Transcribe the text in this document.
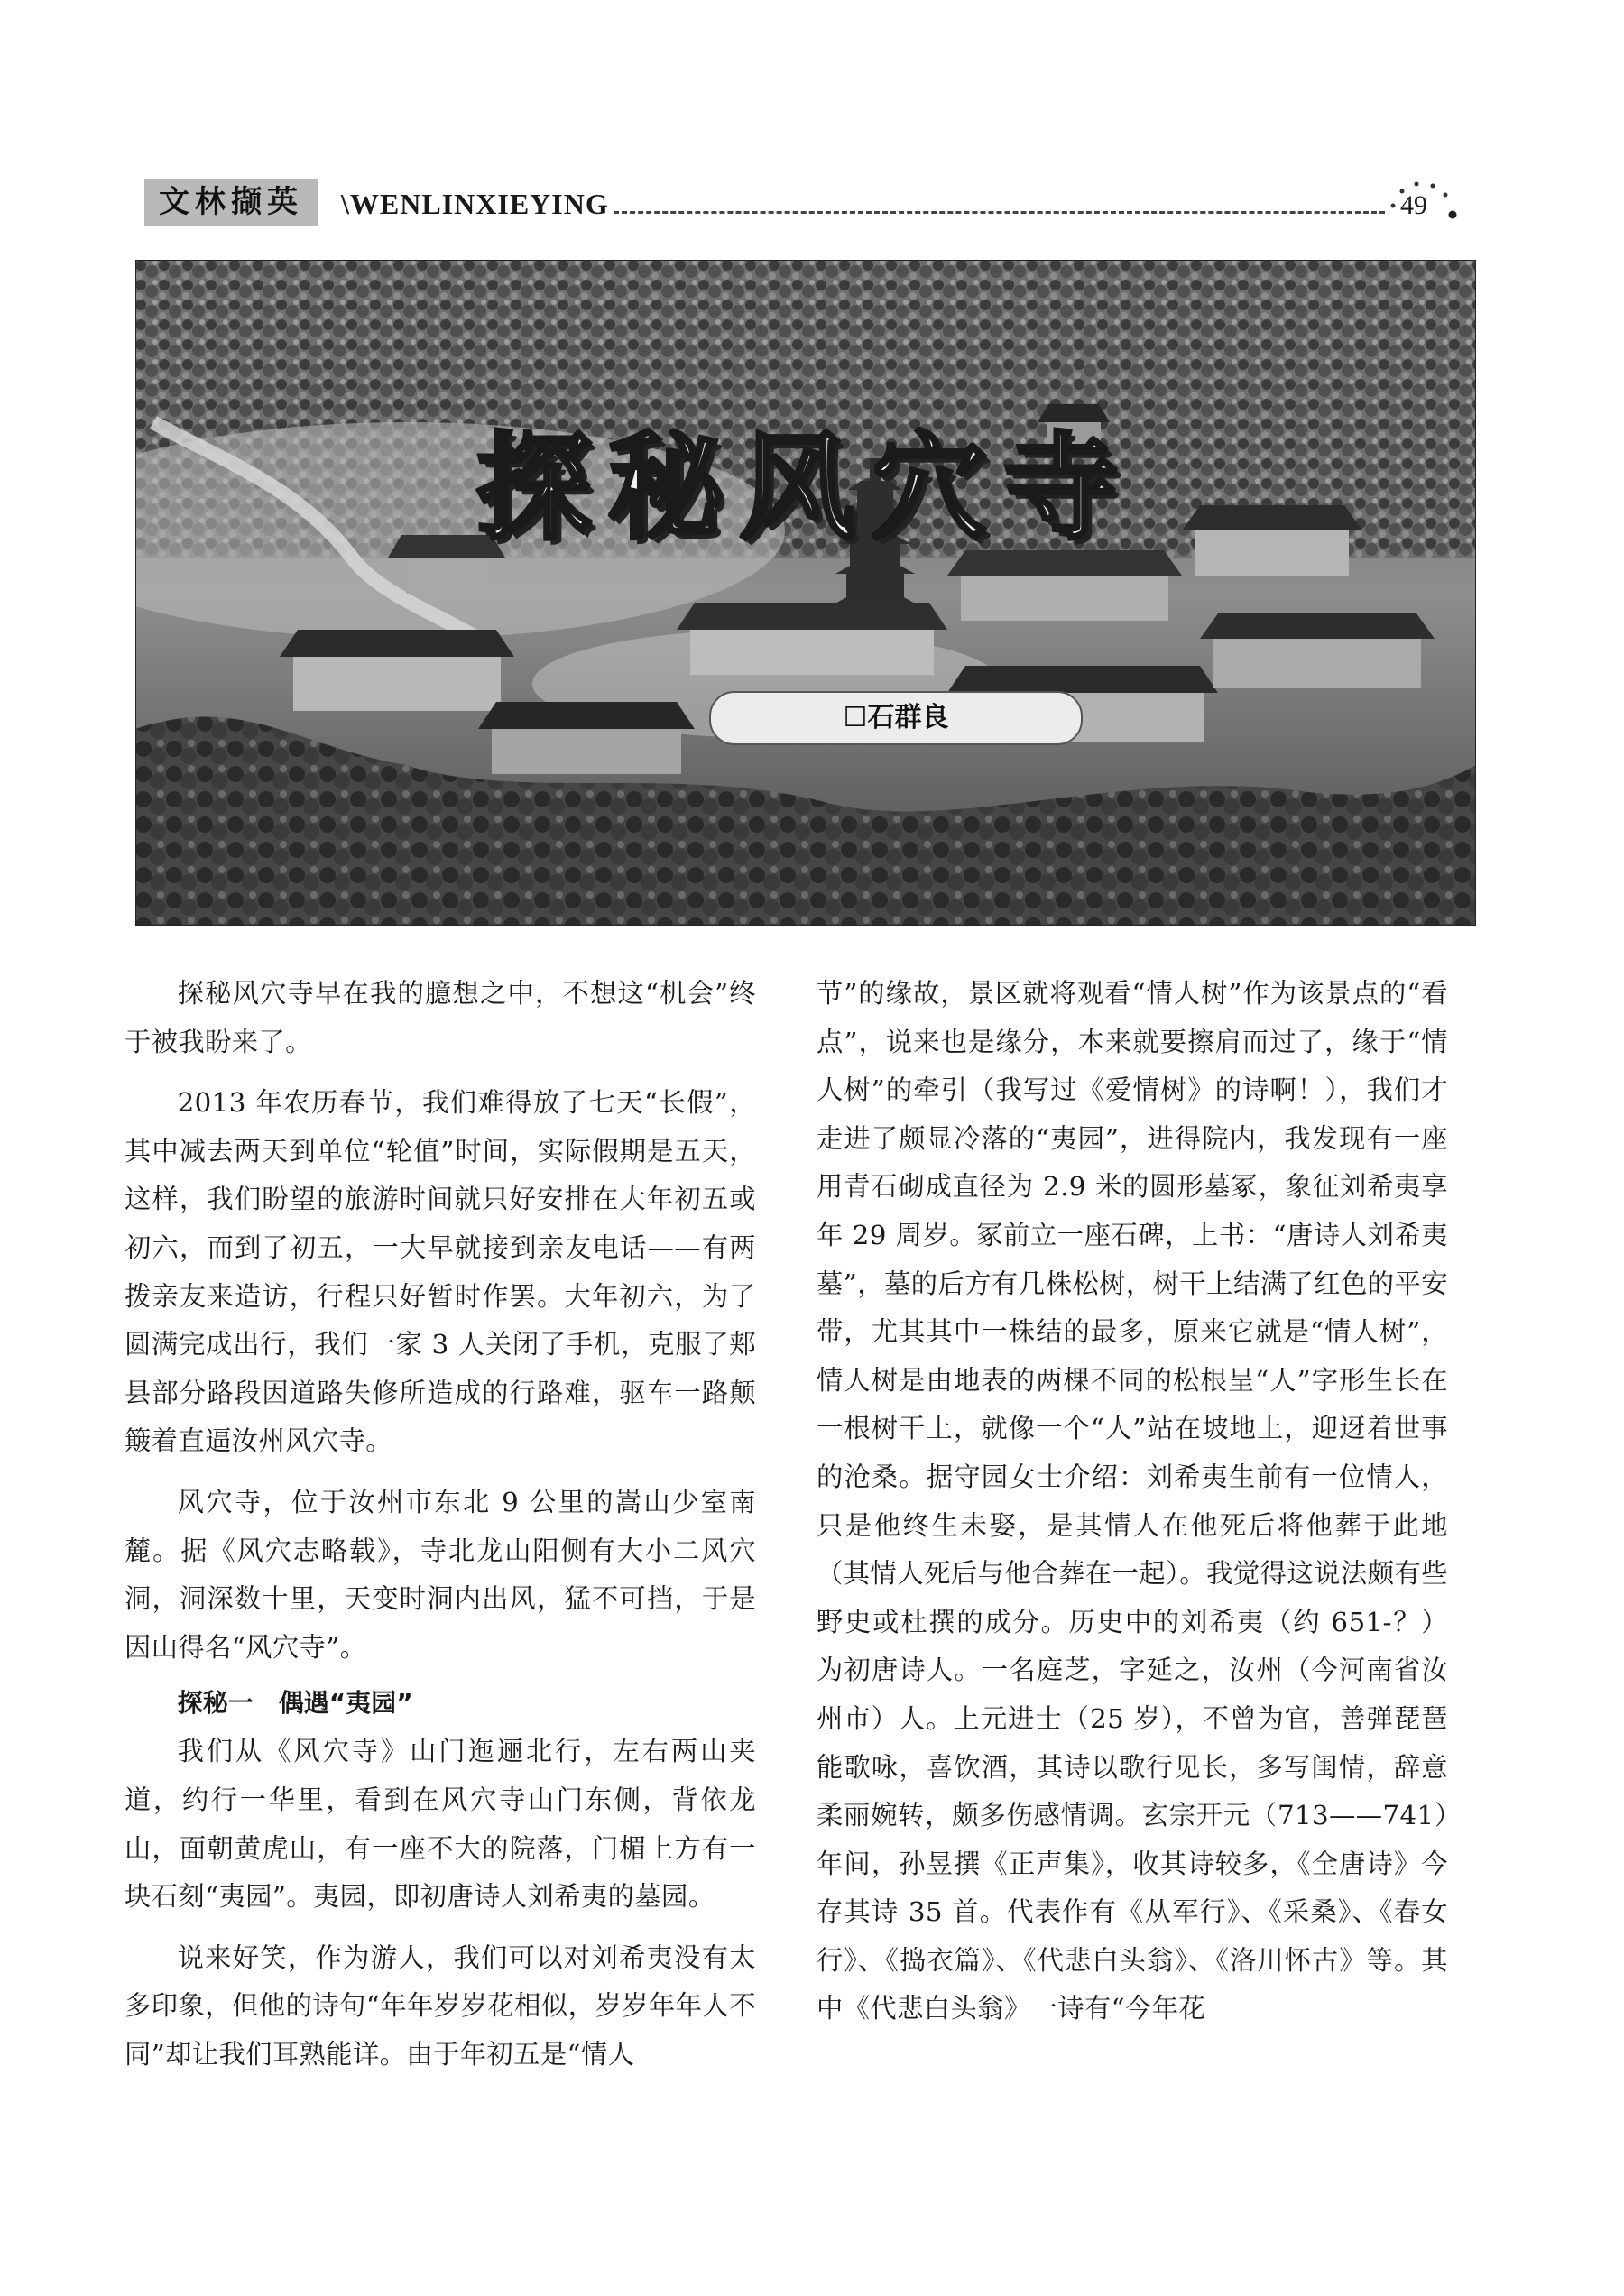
文林撷英	\WENLINXIEYING	49
探秘风穴寺
☐石群良

探秘风穴寺早在我的臆想之中，不想这“机会”终于被我盼来了。

2013 年农历春节，我们难得放了七天“长假”，其中减去两天到单位“轮值”时间，实际假期是五天，这样，我们盼望的旅游时间就只好安排在大年初五或初六，而到了初五，一大早就接到亲友电话——有两拨亲友来造访，行程只好暂时作罢。大年初六，为了圆满完成出行，我们一家 3 人关闭了手机，克服了郏县部分路段因道路失修所造成的行路难，驱车一路颠簸着直逼汝州风穴寺。

风穴寺，位于汝州市东北 9 公里的嵩山少室南麓。据《风穴志略载》，寺北龙山阳侧有大小二风穴洞，洞深数十里，天变时洞内出风，猛不可挡，于是因山得名“风穴寺”。

探秘一　偶遇“夷园”

我们从《风穴寺》山门迤逦北行，左右两山夹道，约行一华里，看到在风穴寺山门东侧，背依龙山，面朝黄虎山，有一座不大的院落，门楣上方有一块石刻“夷园”。夷园，即初唐诗人刘希夷的墓园。

说来好笑，作为游人，我们可以对刘希夷没有太多印象，但他的诗句“年年岁岁花相似，岁岁年年人不同”却让我们耳熟能详。由于年初五是“情人

节”的缘故，景区就将观看“情人树”作为该景点的“看点”，说来也是缘分，本来就要擦肩而过了，缘于“情人树”的牵引（我写过《爱情树》的诗啊！），我们才走进了颇显冷落的“夷园”，进得院内，我发现有一座用青石砌成直径为 2.9 米的圆形墓冢，象征刘希夷享年 29 周岁。冢前立一座石碑，上书：“唐诗人刘希夷墓”，墓的后方有几株松树，树干上结满了红色的平安带，尤其其中一株结的最多，原来它就是“情人树”，情人树是由地表的两棵不同的松根呈“人”字形生长在一根树干上，就像一个“人”站在坡地上，迎迓着世事的沧桑。据守园女士介绍：刘希夷生前有一位情人，只是他终生未娶，是其情人在他死后将他葬于此地（其情人死后与他合葬在一起）。我觉得这说法颇有些野史或杜撰的成分。历史中的刘希夷（约 651-？）为初唐诗人。一名庭芝，字延之，汝州（今河南省汝州市）人。上元进士（25 岁），不曾为官，善弹琵琶能歌咏，喜饮酒，其诗以歌行见长，多写闺情，辞意柔丽婉转，颇多伤感情调。玄宗开元（713——741）年间，孙昱撰《正声集》，收其诗较多，《全唐诗》今存其诗 35 首。代表作有《从军行》、《采桑》、《春女行》、《捣衣篇》、《代悲白头翁》、《洛川怀古》等。其中《代悲白头翁》一诗有“今年花
